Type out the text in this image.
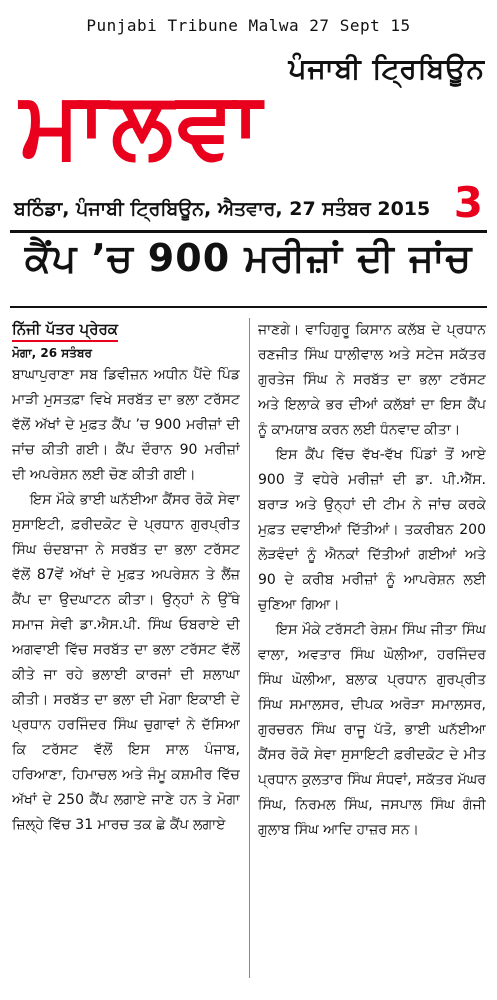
Punjabi Tribune Malwa 27 Sept 15
ਪੰਜਾਬੀ ਟ੍ਰਿਬਿਊਨ
ਮਾਲਵਾ
ਬਠਿੰਡਾ, ਪੰਜਾਬੀ ਟ੍ਰਿਬਿਊਨ, ਐਤਵਾਰ, 27 ਸਤੰਬਰ 2015 3
ਕੈਂਪ ’ਚ 900 ਮਰੀਜ਼ਾਂ ਦੀ ਜਾਂਚ
ਨਿੱਜੀ ਪੱਤਰ ਪ੍ਰੇਰਕ
ਮੋਗਾ, 26 ਸਤੰਬਰ

ਬਾਘਾਪੁਰਾਣਾ ਸਬ ਡਿਵੀਜ਼ਨ ਅਧੀਨ ਪੈਂਦੇ ਪਿੰਡ ਮਾੜੀ ਮੁਸਤਫ਼ਾ ਵਿਖੇ ਸਰਬੱਤ ਦਾ ਭਲਾ ਟਰੱਸਟ ਵੱਲੋਂ ਅੱਖਾਂ ਦੇ ਮੁਫ਼ਤ ਕੈਂਪ ’ਚ 900 ਮਰੀਜ਼ਾਂ ਦੀ ਜਾਂਚ ਕੀਤੀ ਗਈ। ਕੈਂਪ ਦੌਰਾਨ 90 ਮਰੀਜ਼ਾਂ ਦੀ ਅਪਰੇਸ਼ਨ ਲਈ ਚੋਣ ਕੀਤੀ ਗਈ।

ਇਸ ਮੌਕੇ ਭਾਈ ਘਨੱਈਆ ਕੈਂਸਰ ਰੋਕੋ ਸੇਵਾ ਸੁਸਾਇਟੀ, ਫ਼ਰੀਦਕੋਟ ਦੇ ਪ੍ਰਧਾਨ ਗੁਰਪ੍ਰੀਤ ਸਿੰਘ ਚੰਦਬਾਜਾ ਨੇ ਸਰਬੱਤ ਦਾ ਭਲਾ ਟਰੱਸਟ ਵੱਲੋਂ 87ਵੇਂ ਅੱਖਾਂ ਦੇ ਮੁਫ਼ਤ ਅਪਰੇਸ਼ਨ ਤੇ ਲੈਂਜ਼ ਕੈਂਪ ਦਾ ਉਦਘਾਟਨ ਕੀਤਾ। ਉਨ੍ਹਾਂ ਨੇ ਉੱਥੇ ਸਮਾਜ ਸੇਵੀ ਡਾ.ਐਸ.ਪੀ. ਸਿੰਘ ਓਬਰਾਏ ਦੀ ਅਗਵਾਈ ਵਿੱਚ ਸਰਬੱਤ ਦਾ ਭਲਾ ਟਰੱਸਟ ਵੱਲੋਂ ਕੀਤੇ ਜਾ ਰਹੇ ਭਲਾਈ ਕਾਰਜਾਂ ਦੀ ਸ਼ਲਾਘਾ ਕੀਤੀ। ਸਰਬੱਤ ਦਾ ਭਲਾ ਦੀ ਮੋਗਾ ਇਕਾਈ ਦੇ ਪ੍ਰਧਾਨ ਹਰਜਿੰਦਰ ਸਿੰਘ ਚੁਗਾਵਾਂ ਨੇ ਦੱਸਿਆ ਕਿ ਟਰੱਸਟ ਵੱਲੋਂ ਇਸ ਸਾਲ ਪੰਜਾਬ, ਹਰਿਆਣਾ, ਹਿਮਾਚਲ ਅਤੇ ਜੰਮੂ ਕਸ਼ਮੀਰ ਵਿੱਚ ਅੱਖਾਂ ਦੇ 250 ਕੈਂਪ ਲਗਾਏ ਜਾਣੇ ਹਨ ਤੇ ਮੋਗਾ ਜ਼ਿਲ੍ਹੇ ਵਿੱਚ 31 ਮਾਰਚ ਤਕ ਛੇ ਕੈਂਪ ਲਗਾਏ

ਜਾਣਗੇ। ਵਾਹਿਗੁਰੂ ਕਿਸਾਨ ਕਲੱਬ ਦੇ ਪ੍ਰਧਾਨ ਰਣਜੀਤ ਸਿੰਘ ਧਾਲੀਵਾਲ ਅਤੇ ਸਟੇਜ ਸਕੱਤਰ ਗੁਰਤੇਜ ਸਿੰਘ ਨੇ ਸਰਬੱਤ ਦਾ ਭਲਾ ਟਰੱਸਟ ਅਤੇ ਇਲਾਕੇ ਭਰ ਦੀਆਂ ਕਲੱਬਾਂ ਦਾ ਇਸ ਕੈਂਪ ਨੂੰ ਕਾਮਯਾਬ ਕਰਨ ਲਈ ਧੰਨਵਾਦ ਕੀਤਾ।

ਇਸ ਕੈਂਪ ਵਿੱਚ ਵੱਖ-ਵੱਖ ਪਿੰਡਾਂ ਤੋਂ ਆਏ 900 ਤੋਂ ਵਧੇਰੇ ਮਰੀਜ਼ਾਂ ਦੀ ਡਾ. ਪੀ.ਐੱਸ. ਬਰਾੜ ਅਤੇ ਉਨ੍ਹਾਂ ਦੀ ਟੀਮ ਨੇ ਜਾਂਚ ਕਰਕੇ ਮੁਫ਼ਤ ਦਵਾਈਆਂ ਦਿੱਤੀਆਂ। ਤਕਰੀਬਨ 200 ਲੋੜਵੰਦਾਂ ਨੂੰ ਐਨਕਾਂ ਦਿੱਤੀਆਂ ਗਈਆਂ ਅਤੇ 90 ਦੇ ਕਰੀਬ ਮਰੀਜ਼ਾਂ ਨੂੰ ਆਪਰੇਸ਼ਨ ਲਈ ਚੁਣਿਆ ਗਿਆ।

ਇਸ ਮੌਕੇ ਟਰੱਸਟੀ ਰੇਸ਼ਮ ਸਿੰਘ ਜੀਤਾ ਸਿੰਘ ਵਾਲਾ, ਅਵਤਾਰ ਸਿੰਘ ਘੋਲੀਆ, ਹਰਜਿੰਦਰ ਸਿੰਘ ਘੋਲੀਆ, ਬਲਾਕ ਪ੍ਰਧਾਨ ਗੁਰਪ੍ਰੀਤ ਸਿੰਘ ਸਮਾਲਸਰ, ਦੀਪਕ ਅਰੋੜਾ ਸਮਾਲਸਰ, ਗੁਰਚਰਨ ਸਿੰਘ ਰਾਜੂ ਪੱਤੋ, ਭਾਈ ਘਨੱਈਆ ਕੈਂਸਰ ਰੋਕੋ ਸੇਵਾ ਸੁਸਾਇਟੀ ਫ਼ਰੀਦਕੋਟ ਦੇ ਮੀਤ ਪ੍ਰਧਾਨ ਕੁਲਤਾਰ ਸਿੰਘ ਸੰਧਵਾਂ, ਸਕੱਤਰ ਮੱਘਰ ਸਿੰਘ, ਨਿਰਮਲ ਸਿੰਘ, ਜਸਪਾਲ ਸਿੰਘ ਗੰਜੀ ਗੁਲਾਬ ਸਿੰਘ ਆਦਿ ਹਾਜ਼ਰ ਸਨ।
